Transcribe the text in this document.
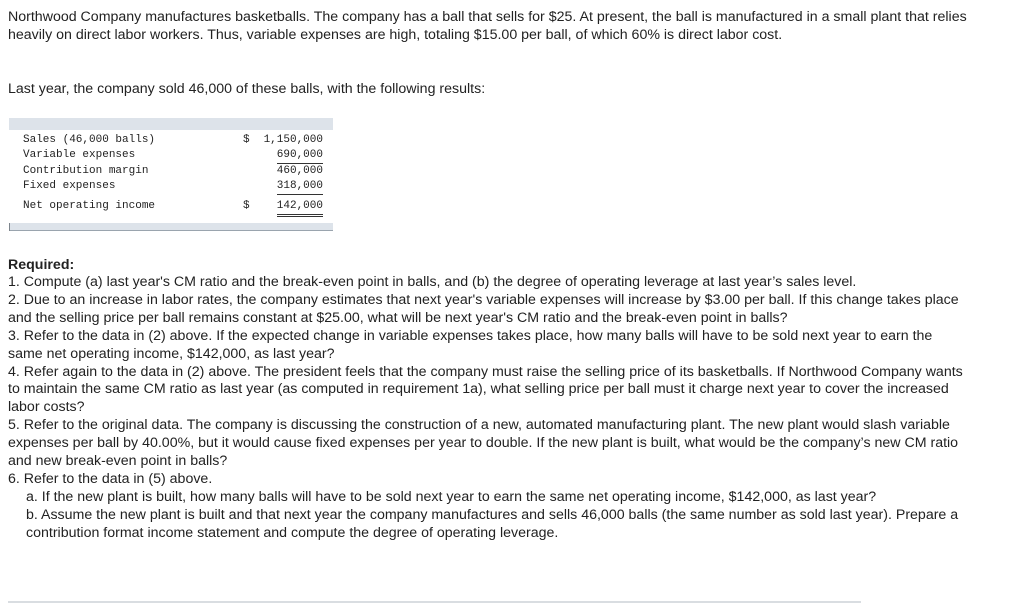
Northwood Company manufactures basketballs. The company has a ball that sells for $25. At present, the ball is manufactured in a small plant that relies heavily on direct labor workers. Thus, variable expenses are high, totaling $15.00 per ball, of which 60% is direct labor cost.

Last year, the company sold 46,000 of these balls, with the following results:

Sales (46,000 balls)	$ 1,150,000
Variable expenses	690,000
Contribution margin	460,000
Fixed expenses	318,000
Net operating income	$ 142,000

Required:

1. Compute (a) last year's CM ratio and the break-even point in balls, and (b) the degree of operating leverage at last year’s sales level.
2. Due to an increase in labor rates, the company estimates that next year's variable expenses will increase by $3.00 per ball. If this change takes place and the selling price per ball remains constant at $25.00, what will be next year's CM ratio and the break-even point in balls?
3. Refer to the data in (2) above. If the expected change in variable expenses takes place, how many balls will have to be sold next year to earn the same net operating income, $142,000, as last year?
4. Refer again to the data in (2) above. The president feels that the company must raise the selling price of its basketballs. If Northwood Company wants to maintain the same CM ratio as last year (as computed in requirement 1a), what selling price per ball must it charge next year to cover the increased labor costs?
5. Refer to the original data. The company is discussing the construction of a new, automated manufacturing plant. The new plant would slash variable expenses per ball by 40.00%, but it would cause fixed expenses per year to double. If the new plant is built, what would be the company’s new CM ratio and new break-even point in balls?
6. Refer to the data in (5) above.
a. If the new plant is built, how many balls will have to be sold next year to earn the same net operating income, $142,000, as last year?
b. Assume the new plant is built and that next year the company manufactures and sells 46,000 balls (the same number as sold last year). Prepare a contribution format income statement and compute the degree of operating leverage.
